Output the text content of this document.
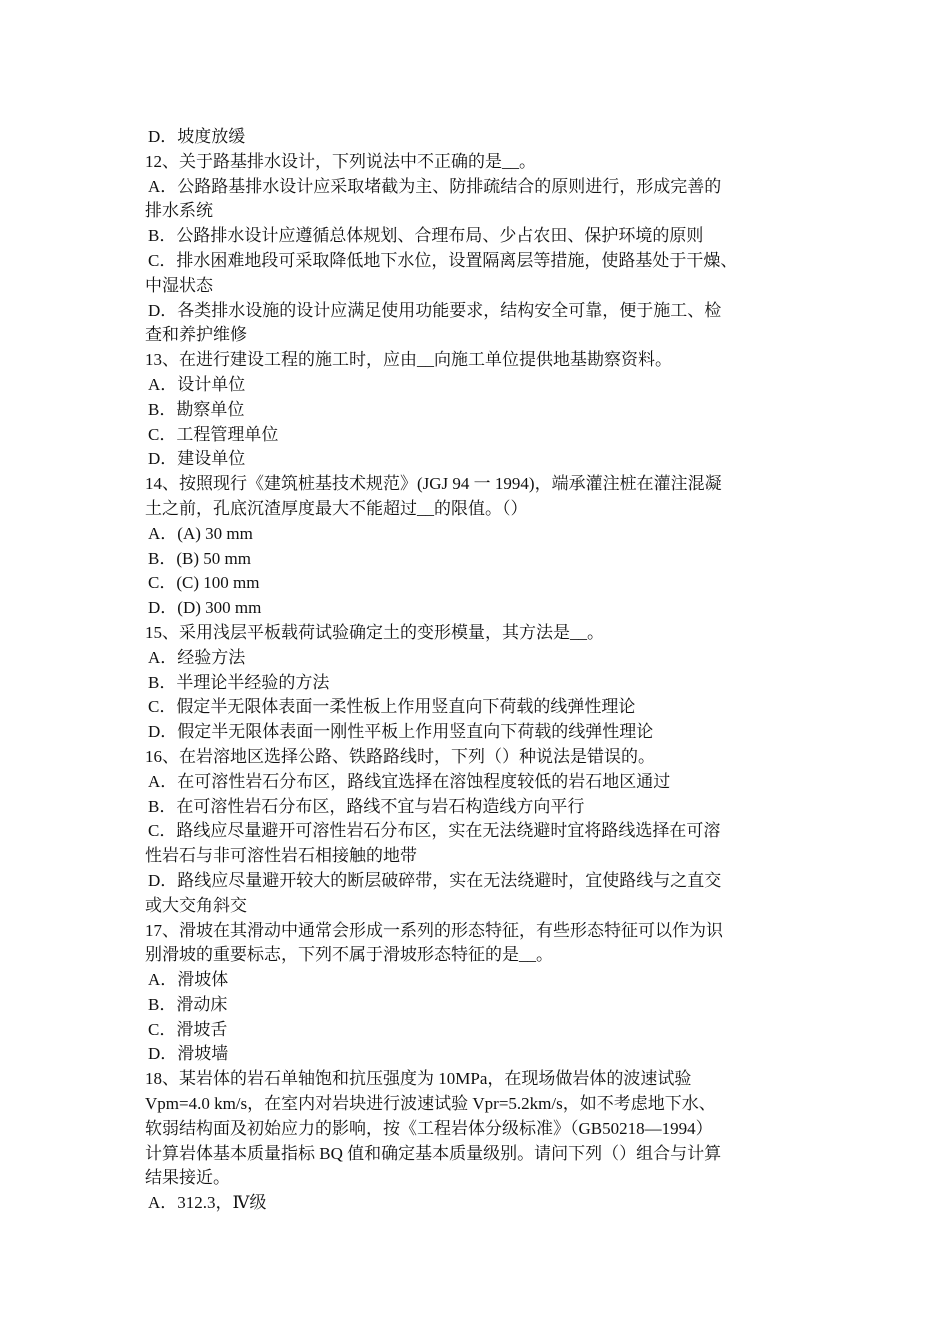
D．坡度放缓
12、关于路基排水设计，下列说法中不正确的是__。
A．公路路基排水设计应采取堵截为主、防排疏结合的原则进行，形成完善的
排水系统
B．公路排水设计应遵循总体规划、合理布局、少占农田、保护环境的原则
C．排水困难地段可采取降低地下水位，设置隔离层等措施，使路基处于干燥、
中湿状态
D．各类排水设施的设计应满足使用功能要求，结构安全可靠，便于施工、检
查和养护维修
13、在进行建设工程的施工时，应由__向施工单位提供地基勘察资料。
A．设计单位
B．勘察单位
C．工程管理单位
D．建设单位
14、按照现行《建筑桩基技术规范》(JGJ 94 一 1994)，端承灌注桩在灌注混凝
土之前，孔底沉渣厚度最大不能超过__的限值。（）
A．(A) 30 mm
B．(B) 50 mm
C．(C) 100 mm
D．(D) 300 mm
15、采用浅层平板载荷试验确定土的变形模量，其方法是__。
A．经验方法
B．半理论半经验的方法
C．假定半无限体表面一柔性板上作用竖直向下荷载的线弹性理论
D．假定半无限体表面一刚性平板上作用竖直向下荷载的线弹性理论
16、在岩溶地区选择公路、铁路路线时，下列（）种说法是错误的。
A．在可溶性岩石分布区，路线宜选择在溶蚀程度较低的岩石地区通过
B．在可溶性岩石分布区，路线不宜与岩石构造线方向平行
C．路线应尽量避开可溶性岩石分布区，实在无法绕避时宜将路线选择在可溶
性岩石与非可溶性岩石相接触的地带
D．路线应尽量避开较大的断层破碎带，实在无法绕避时，宜使路线与之直交
或大交角斜交
17、滑坡在其滑动中通常会形成一系列的形态特征，有些形态特征可以作为识
别滑坡的重要标志，下列不属于滑坡形态特征的是__。
A．滑坡体
B．滑动床
C．滑坡舌
D．滑坡墙
18、某岩体的岩石单轴饱和抗压强度为 10MPa，在现场做岩体的波速试验
Vpm=4.0 km/s，在室内对岩块进行波速试验 Vpr=5.2km/s，如不考虑地下水、
软弱结构面及初始应力的影响，按《工程岩体分级标准》（GB50218—1994）
计算岩体基本质量指标 BQ 值和确定基本质量级别。请问下列（）组合与计算
结果接近。
A．312.3，Ⅳ级
